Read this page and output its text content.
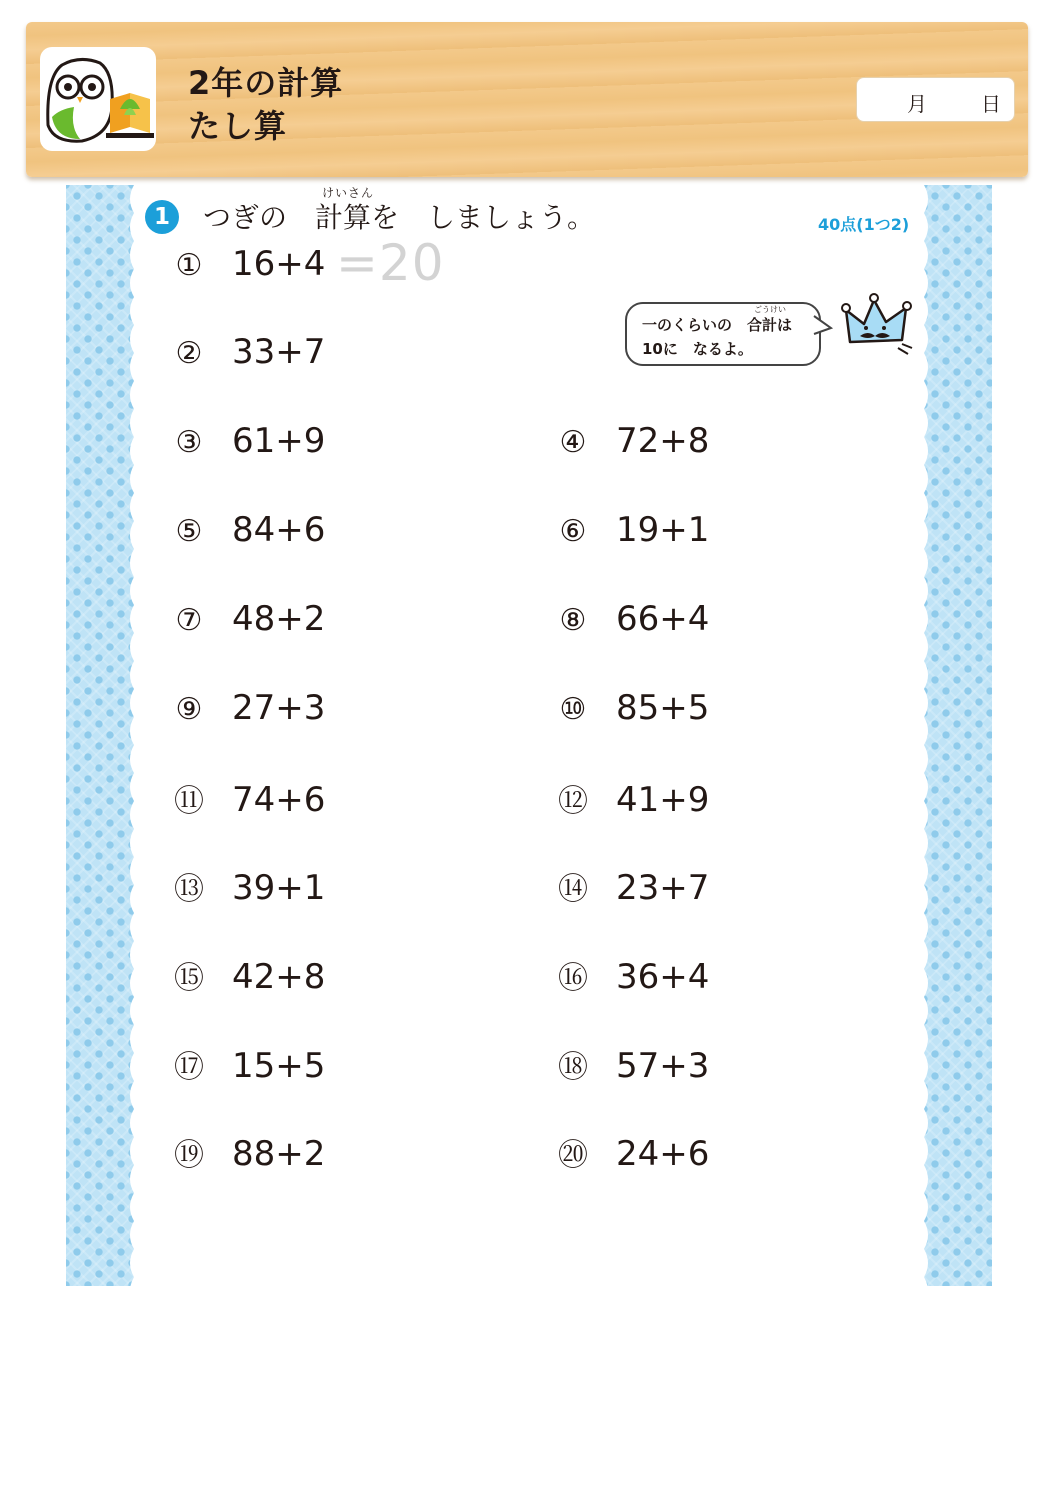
2年の計算
たし算
月	日
1
けいさん
つぎの　計算を　しましょう。	40点(1つ2)
① 16+4
② 33+7
③ 61+9	④ 72+8
⑤ 84+6	⑥ 19+1
⑦ 48+2	⑧ 66+4
⑨ 27+3	⑩ 85+5
⑪ 74+6	⑫ 41+9
⑬ 39+1	⑭ 23+7
⑮ 42+8	⑯ 36+4
⑰ 15+5	⑱ 57+3
⑲ 88+2	⑳ 24+6
=20
ごうけい
一のくらいの　合計は
10に　なるよ。
